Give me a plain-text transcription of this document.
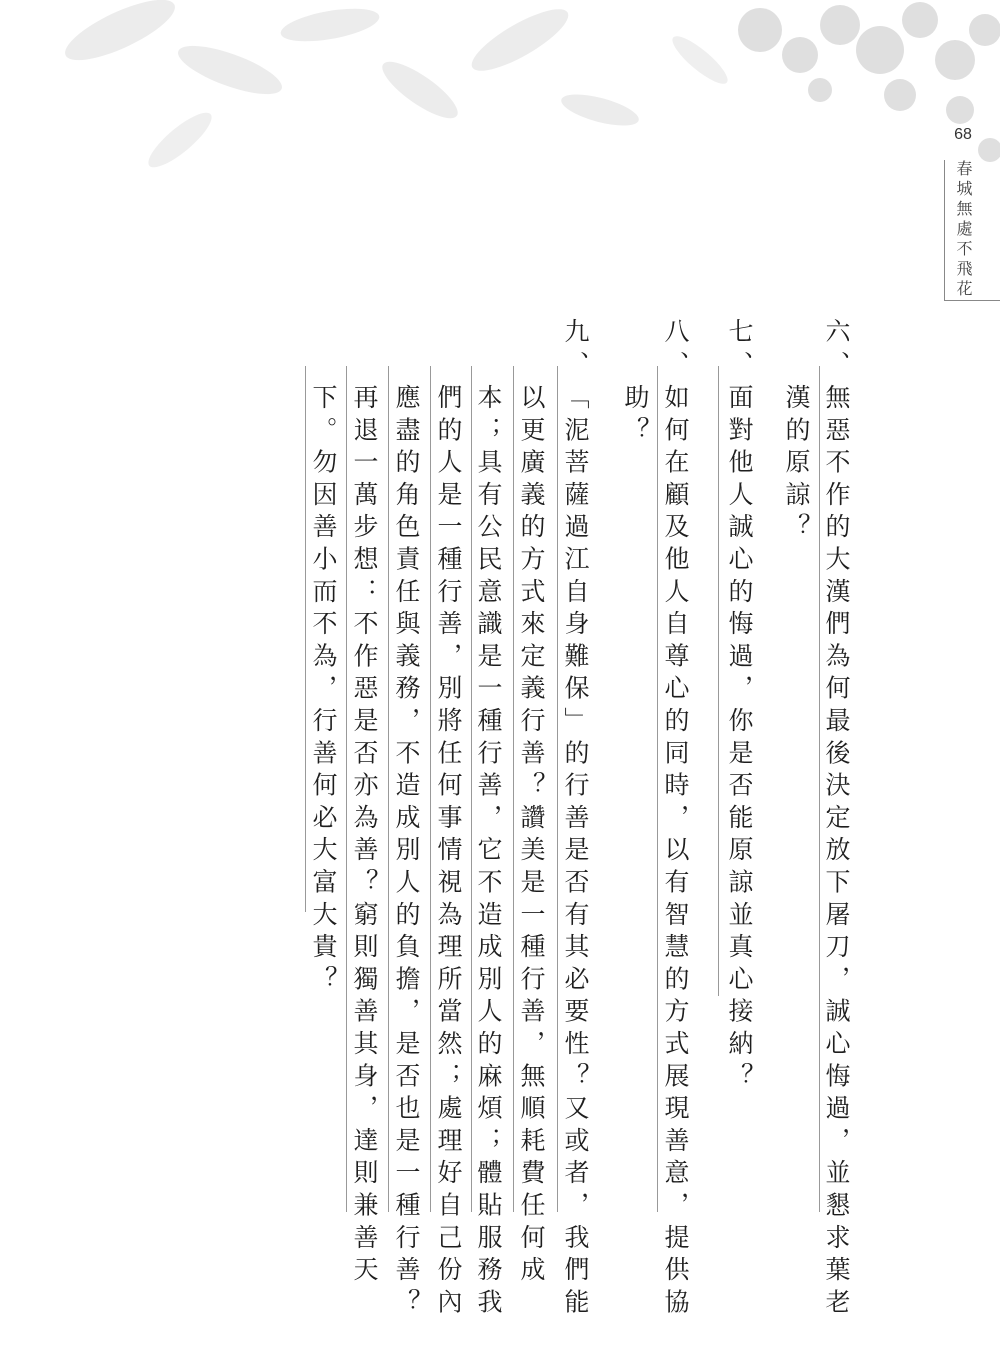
68
春城無處不飛花
六、
無惡不作的大漢們為何最後決定放下屠刀，誠心悔過，並懇求葉老
漢的原諒？
七、
面對他人誠心的悔過，你是否能原諒並真心接納？
八、
如何在顧及他人自尊心的同時，以有智慧的方式展現善意，提供協
助？
九、
「泥菩薩過江自身難保」的行善是否有其必要性？又或者，我們能
以更廣義的方式來定義行善？讚美是一種行善，無順耗費任何成
本；具有公民意識是一種行善，它不造成別人的麻煩；體貼服務我
們的人是一種行善，別將任何事情視為理所當然；處理好自己份內
應盡的角色責任與義務，不造成別人的負擔，是否也是一種行善？
再退一萬步想：不作惡是否亦為善？窮則獨善其身，達則兼善天
下。勿因善小而不為，行善何必大富大貴？
